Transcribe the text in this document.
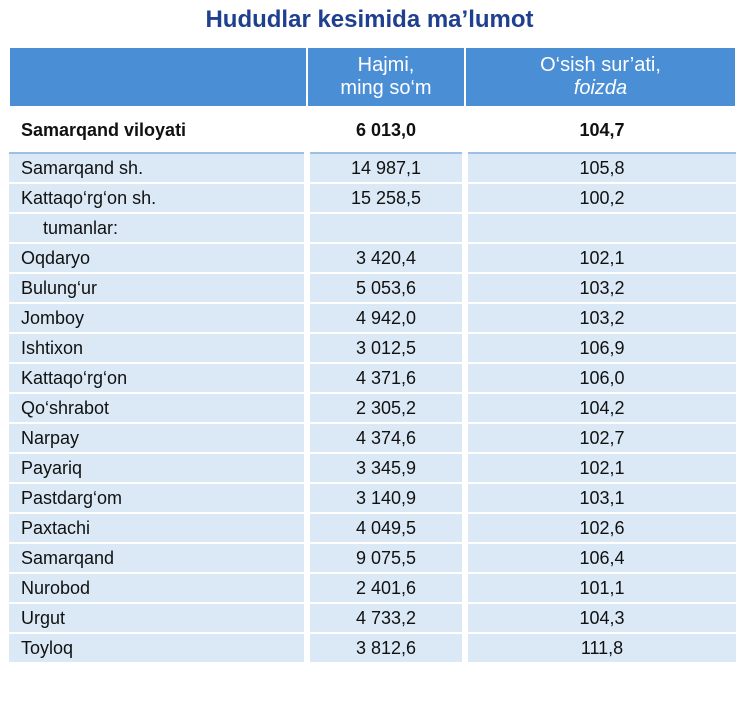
Hududlar kesimida ma’lumot
	Hajmi,
ming so‘m	O‘sish sur’ati,
foizda
Samarqand viloyati	6 013,0	104,7
Samarqand sh.	14 987,1	105,8
Kattaqo‘rg‘on sh.	15 258,5	100,2
tumanlar:		
Oqdaryo	3 420,4	102,1
Bulung‘ur	5 053,6	103,2
Jomboy	4 942,0	103,2
Ishtixon	3 012,5	106,9
Kattaqo‘rg‘on	4 371,6	106,0
Qo‘shrabot	2 305,2	104,2
Narpay	4 374,6	102,7
Payariq	3 345,9	102,1
Pastdarg‘om	3 140,9	103,1
Paxtachi	4 049,5	102,6
Samarqand	9 075,5	106,4
Nurobod	2 401,6	101,1
Urgut	4 733,2	104,3
Toyloq	3 812,6	111,8
